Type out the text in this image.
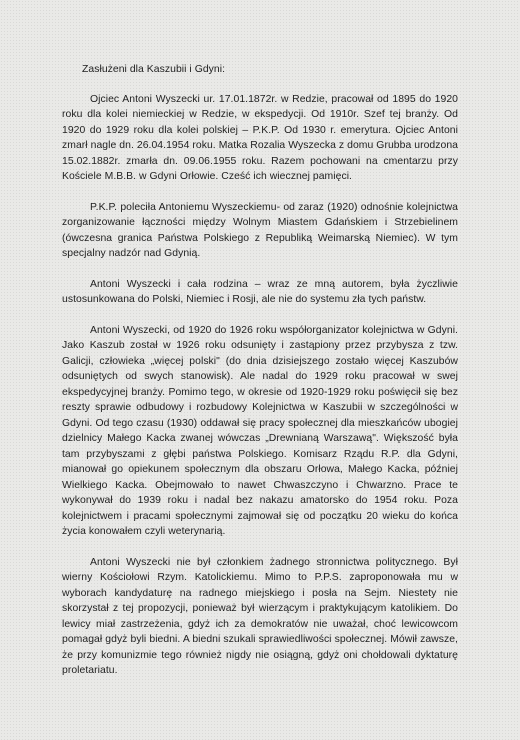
Zasłużeni dla Kaszubii i Gdyni:

Ojciec Antoni Wyszecki ur. 17.01.1872r. w Redzie, pracował od 1895 do 1920 roku dla kolei niemieckiej w Redzie, w ekspedycji. Od 1910r. Szef tej branży. Od 1920 do 1929 roku dla kolei polskiej – P.K.P. Od 1930 r. emerytura. Ojciec Antoni zmarł nagle dn. 26.04.1954 roku. Matka Rozalia Wyszecka z domu Grubba urodzona 15.02.1882r. zmarła dn. 09.06.1955 roku. Razem pochowani na cmentarzu przy Kościele M.B.B. w Gdyni Orłowie. Cześć ich wiecznej pamięci.

P.K.P. poleciła Antoniemu Wyszeckiemu- od zaraz (1920) odnośnie kolejnictwa zorganizowanie łączności między Wolnym Miastem Gdańskiem i Strzebielinem (ówczesna granica Państwa Polskiego z Republiką Weimarską Niemiec). W tym specjalny nadzór nad Gdynią.

Antoni Wyszecki i cała rodzina – wraz ze mną autorem, była życzliwie ustosunkowana do Polski, Niemiec i Rosji, ale nie do systemu zła tych państw.

Antoni Wyszecki, od 1920 do 1926 roku współorganizator kolejnictwa w Gdyni. Jako Kaszub został w 1926 roku odsunięty i zastąpiony przez przybysza z tzw. Galicji, człowieka „więcej polski" (do dnia dzisiejszego zostało więcej Kaszubów odsuniętych od swych stanowisk). Ale nadal do 1929 roku pracował w swej ekspedycyjnej branży. Pomimo tego, w okresie od 1920-1929 roku poświęcił się bez reszty sprawie odbudowy i rozbudowy Kolejnictwa w Kaszubii w szczególności w Gdyni. Od tego czasu (1930) oddawał się pracy społecznej dla mieszkańców ubogiej dzielnicy Małego Kacka zwanej wówczas „Drewnianą Warszawą". Większość była tam przybyszami z głębi państwa Polskiego. Komisarz Rządu R.P. dla Gdyni, mianował go opiekunem społecznym dla obszaru Orłowa, Małego Kacka, później Wielkiego Kacka. Obejmowało to nawet Chwaszczyno i Chwarzno. Prace te wykonywał do 1939 roku i nadal bez nakazu amatorsko do 1954 roku. Poza kolejnictwem i pracami społecznymi zajmował się od początku 20 wieku do końca życia konowałem czyli weterynarią.

Antoni Wyszecki nie był członkiem żadnego stronnictwa politycznego. Był wierny Kościołowi Rzym. Katolickiemu. Mimo to P.P.S. zaproponowała mu w wyborach kandydaturę na radnego miejskiego i posła na Sejm. Niestety nie skorzystał z tej propozycji, ponieważ był wierzącym i praktykującym katolikiem. Do lewicy miał zastrzeżenia, gdyż ich za demokratów nie uważał, choć lewicowcom pomagał gdyż byli biedni. A biedni szukali sprawiedliwości społecznej. Mówił zawsze, że przy komunizmie tego również nigdy nie osiągną, gdyż oni chołdowali dyktaturę proletariatu.
